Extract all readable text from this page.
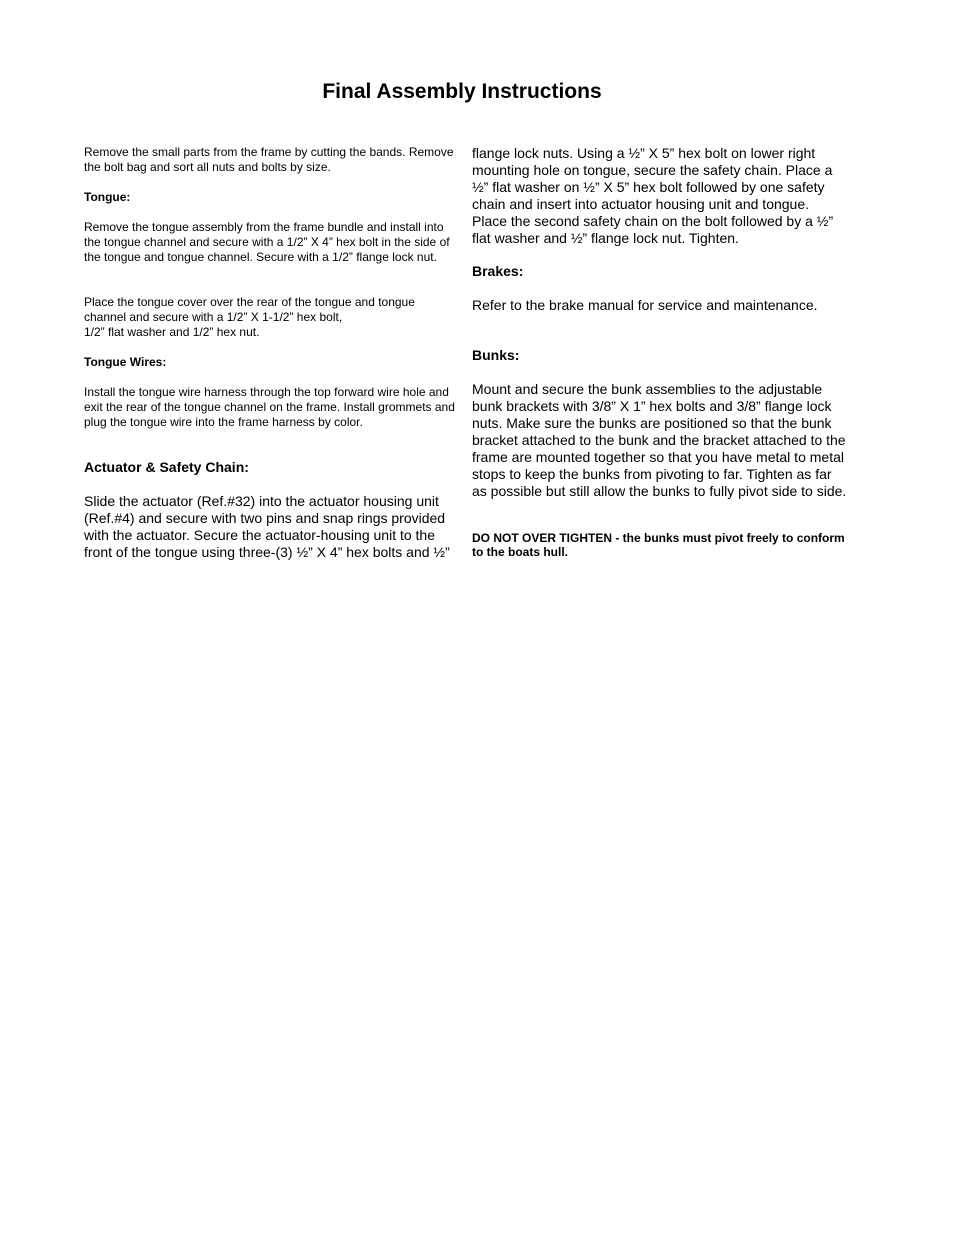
Final Assembly Instructions

Remove the small parts from the frame by cutting the bands. Remove the bolt bag and sort all nuts and bolts by size.

Tongue:

Remove the tongue assembly from the frame bundle and install into the tongue channel and secure with a 1/2” X 4” hex bolt in the side of the tongue and tongue channel. Secure with a 1/2” flange lock nut.

Place the tongue cover over the rear of the tongue and tongue channel and secure with a 1/2” X 1-1/2” hex bolt,

1/2” flat washer and 1/2” hex nut.

Tongue Wires:

Install the tongue wire harness through the top forward wire hole and exit the rear of the tongue channel on the frame. Install grommets and plug the tongue wire into the frame harness by color.

Actuator & Safety Chain:

Slide the actuator (Ref.#32) into the actuator housing unit (Ref.#4) and secure with two pins and snap rings provided with the actuator. Secure the actuator-housing unit to the front of the tongue using three-(3) ½” X 4” hex bolts and ½”

flange lock nuts. Using a ½” X 5” hex bolt on lower right mounting hole on tongue, secure the safety chain. Place a ½” flat washer on ½” X 5” hex bolt followed by one safety chain and insert into actuator housing unit and tongue. Place the second safety chain on the bolt followed by a ½” flat washer and ½” flange lock nut. Tighten.

Brakes:

Refer to the brake manual for service and maintenance.

Bunks:

Mount and secure the bunk assemblies to the adjustable bunk brackets with 3/8” X 1” hex bolts and 3/8” flange lock nuts. Make sure the bunks are positioned so that the bunk bracket attached to the bunk and the bracket attached to the frame are mounted together so that you have metal to metal stops to keep the bunks from pivoting to far. Tighten as far as possible but still allow the bunks to fully pivot side to side.

DO NOT OVER TIGHTEN - the bunks must pivot freely to conform to the boats hull.
